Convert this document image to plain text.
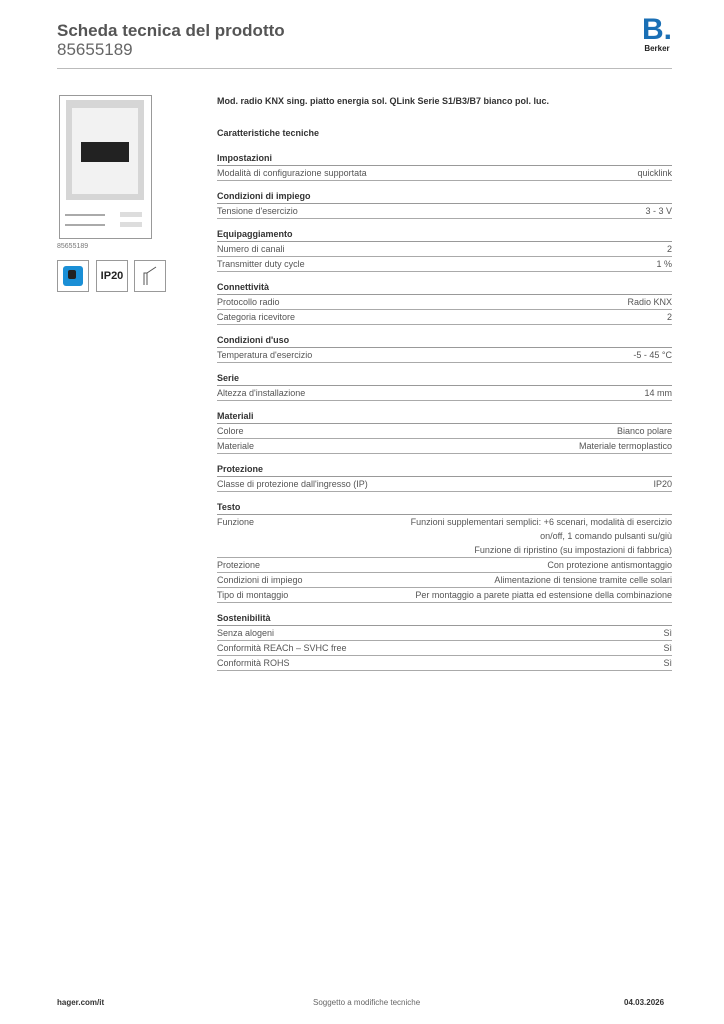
Scheda tecnica del prodotto
85655189
B.
Berker
85655189
IP20
Mod. radio KNX sing. piatto energia sol. QLink Serie S1/B3/B7 bianco pol. luc.
Caratteristiche tecniche
Impostazioni
Modalità di configurazione supportata	quicklink
Condizioni di impiego
Tensione d'esercizio	3 - 3 V
Equipaggiamento
Numero di canali	2
Transmitter duty cycle	1 %
Connettività
Protocollo radio	Radio KNX
Categoria ricevitore	2
Condizioni d'uso
Temperatura d'esercizio	-5 - 45 °C
Serie
Altezza d'installazione	14 mm
Materiali
Colore	Bianco polare
Materiale	Materiale termoplastico
Protezione
Classe di protezione dall'ingresso (IP)	IP20
Testo
Funzione	Funzioni supplementari semplici: +6 scenari, modalità di esercizio
on/off, 1 comando pulsanti su/giù
Funzione di ripristino (su impostazioni di fabbrica)
Protezione	Con protezione antismontaggio
Condizioni di impiego	Alimentazione di tensione tramite celle solari
Tipo di montaggio	Per montaggio a parete piatta ed estensione della combinazione
Sostenibilità
Senza alogeni	Sì
Conformità REACh – SVHC free	Sì
Conformità ROHS	Sì
hager.com/it	Soggetto a modifiche tecniche	04.03.2026
